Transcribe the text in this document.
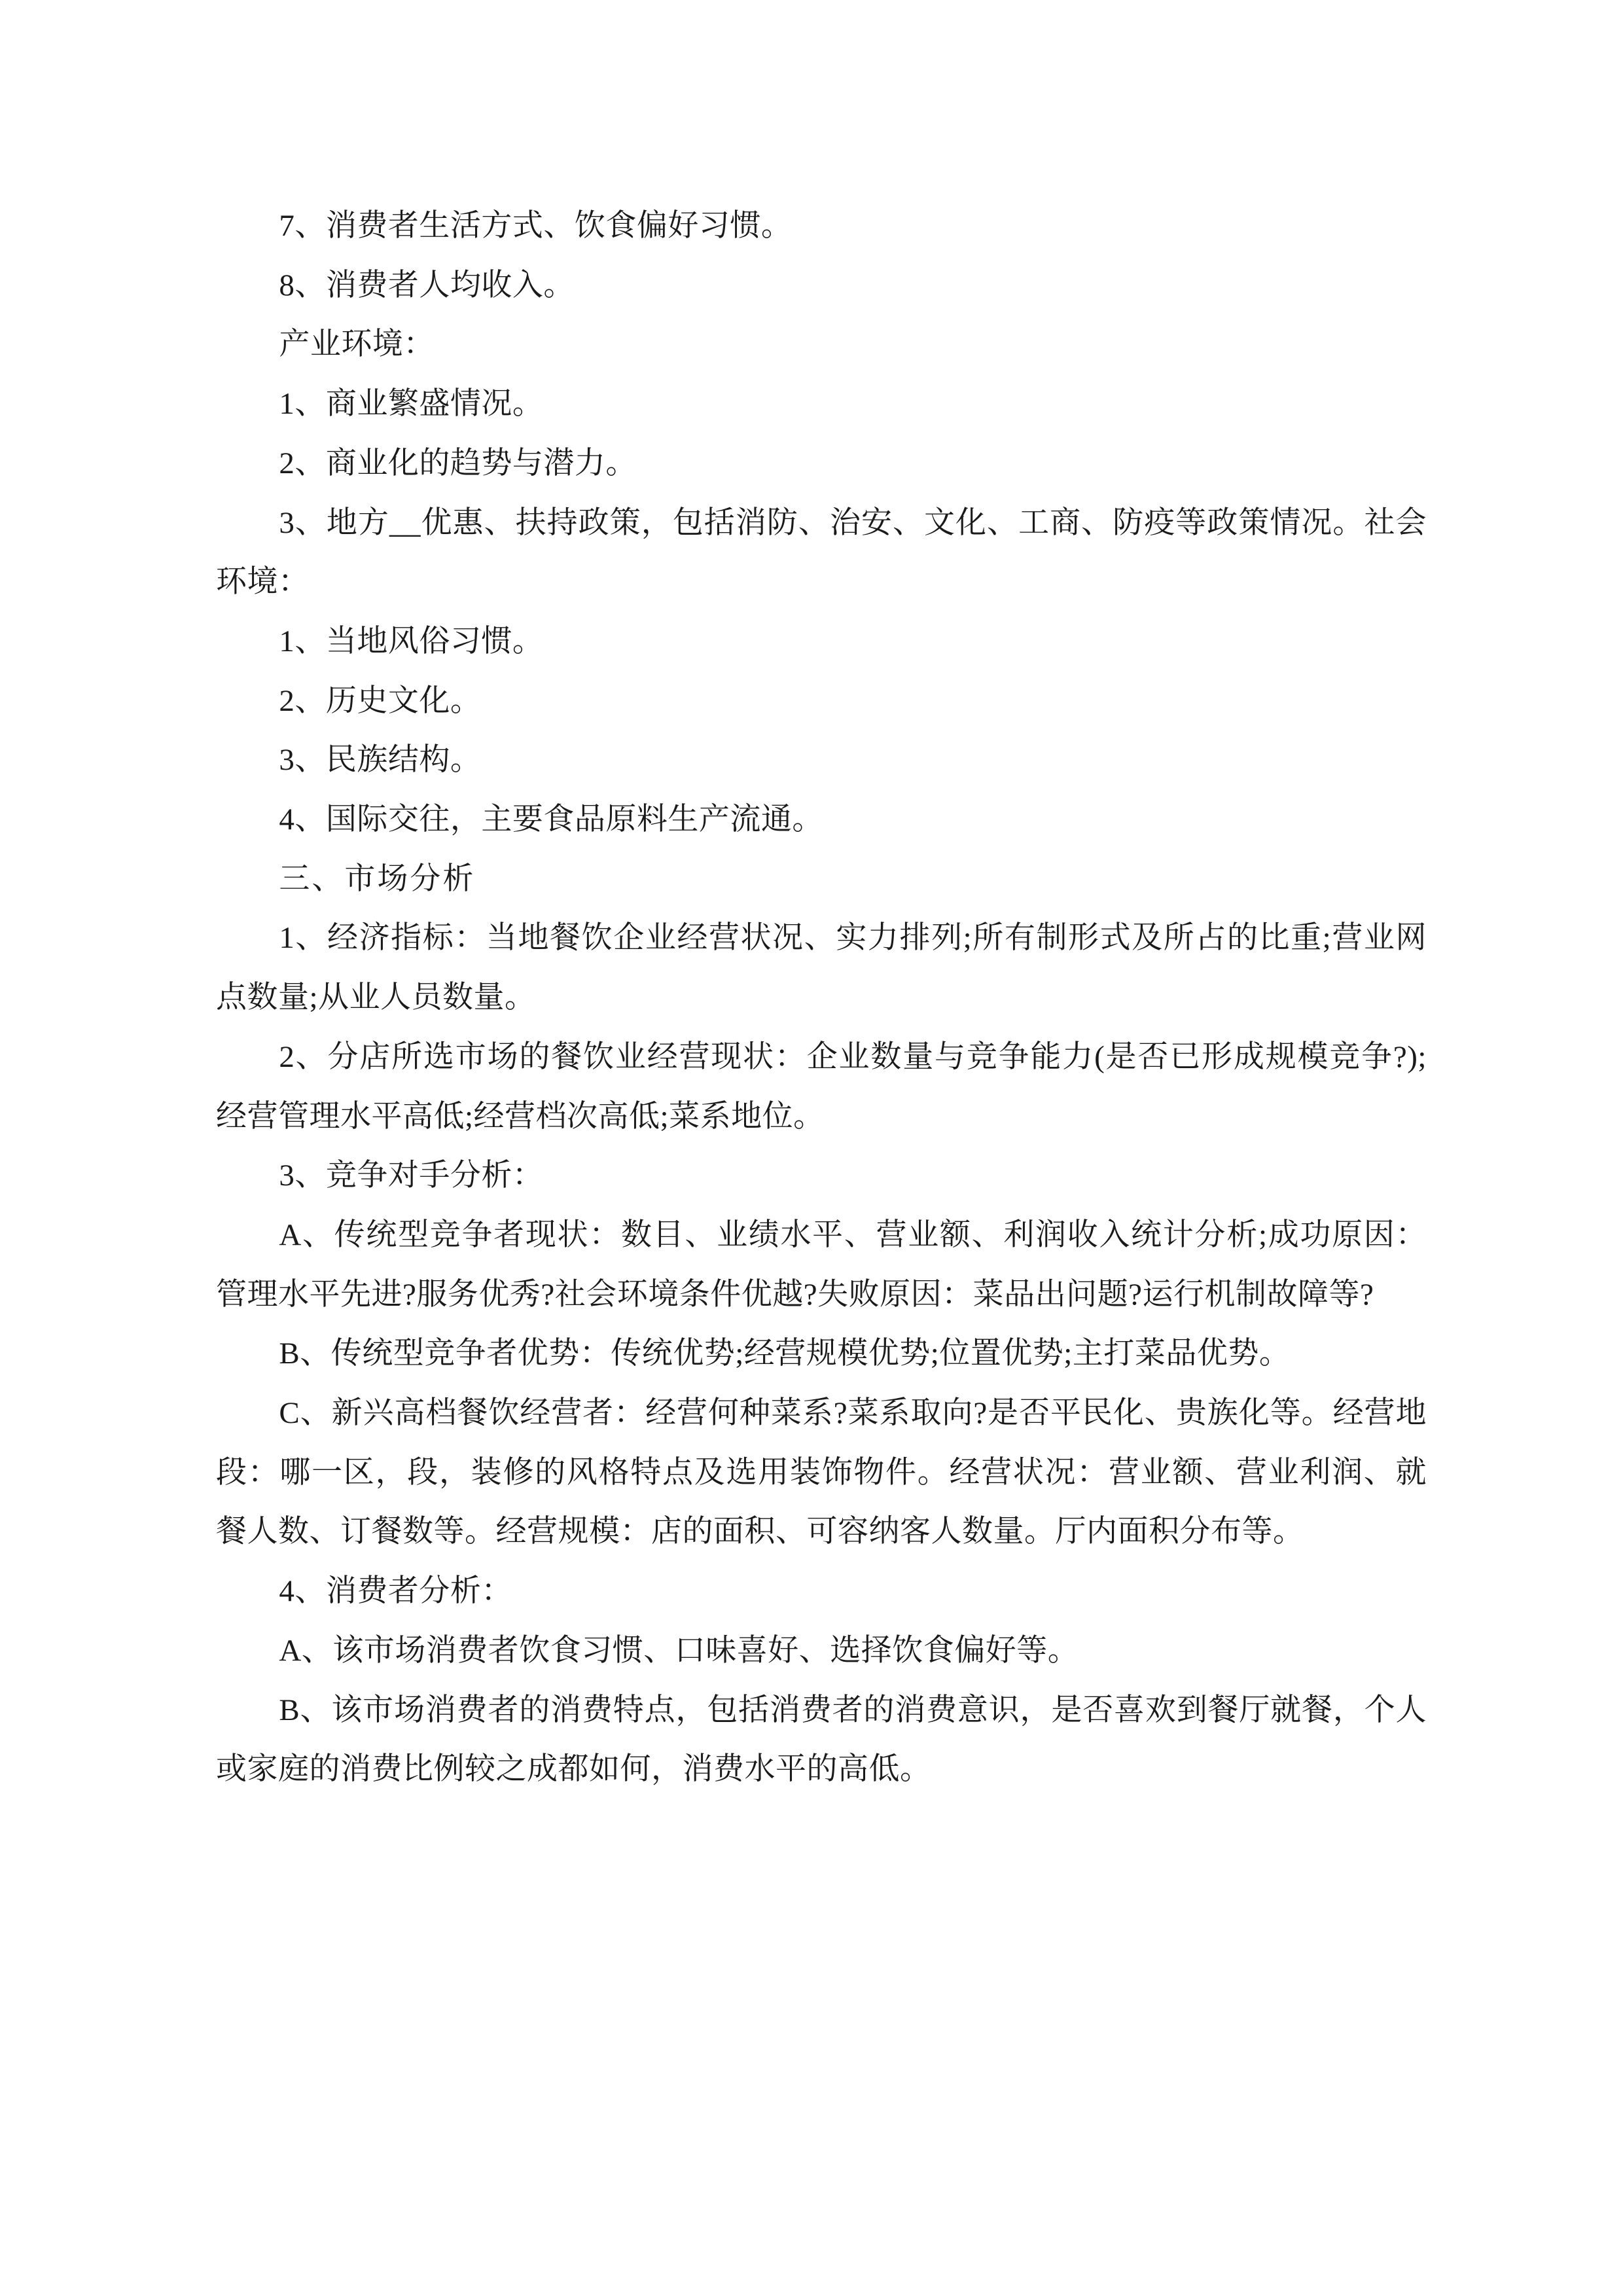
7、消费者生活方式、饮食偏好习惯。

8、消费者人均收入。

产业环境：

1、商业繁盛情况。

2、商业化的趋势与潜力。

3、地方__优惠、扶持政策，包括消防、治安、文化、工商、防疫等政策情况。社会环境：

1、当地风俗习惯。

2、历史文化。

3、民族结构。

4、国际交往，主要食品原料生产流通。

三、市场分析

1、经济指标：当地餐饮企业经营状况、实力排列;所有制形式及所占的比重;营业网点数量;从业人员数量。

2、分店所选市场的餐饮业经营现状：企业数量与竞争能力(是否已形成规模竞争?);经营管理水平高低;经营档次高低;菜系地位。

3、竞争对手分析：

A、传统型竞争者现状：数目、业绩水平、营业额、利润收入统计分析;成功原因：管理水平先进?服务优秀?社会环境条件优越?失败原因：菜品出问题?运行机制故障等?

B、传统型竞争者优势：传统优势;经营规模优势;位置优势;主打菜品优势。

C、新兴高档餐饮经营者：经营何种菜系?菜系取向?是否平民化、贵族化等。经营地段：哪一区，段，装修的风格特点及选用装饰物件。经营状况：营业额、营业利润、就餐人数、订餐数等。经营规模：店的面积、可容纳客人数量。厅内面积分布等。

4、消费者分析：

A、该市场消费者饮食习惯、口味喜好、选择饮食偏好等。

B、该市场消费者的消费特点，包括消费者的消费意识，是否喜欢到餐厅就餐，个人或家庭的消费比例较之成都如何，消费水平的高低。
